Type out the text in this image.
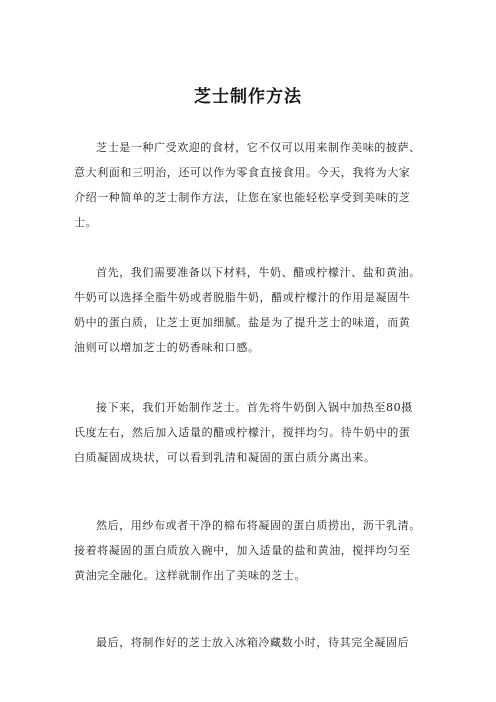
芝士制作方法
芝士是一种广受欢迎的食材，它不仅可以用来制作美味的披萨、
意大利面和三明治，还可以作为零食直接食用。今天，我将为大家
介绍一种简单的芝士制作方法，让您在家也能轻松享受到美味的芝
士。
首先，我们需要准备以下材料，牛奶、醋或柠檬汁、盐和黄油。
牛奶可以选择全脂牛奶或者脱脂牛奶，醋或柠檬汁的作用是凝固牛
奶中的蛋白质，让芝士更加细腻。盐是为了提升芝士的味道，而黄
油则可以增加芝士的奶香味和口感。
接下来，我们开始制作芝士。首先将牛奶倒入锅中加热至80摄
氏度左右，然后加入适量的醋或柠檬汁，搅拌均匀。待牛奶中的蛋
白质凝固成块状，可以看到乳清和凝固的蛋白质分离出来。
然后，用纱布或者干净的棉布将凝固的蛋白质捞出，沥干乳清。
接着将凝固的蛋白质放入碗中，加入适量的盐和黄油，搅拌均匀至
黄油完全融化。这样就制作出了美味的芝士。
最后，将制作好的芝士放入冰箱冷藏数小时，待其完全凝固后
